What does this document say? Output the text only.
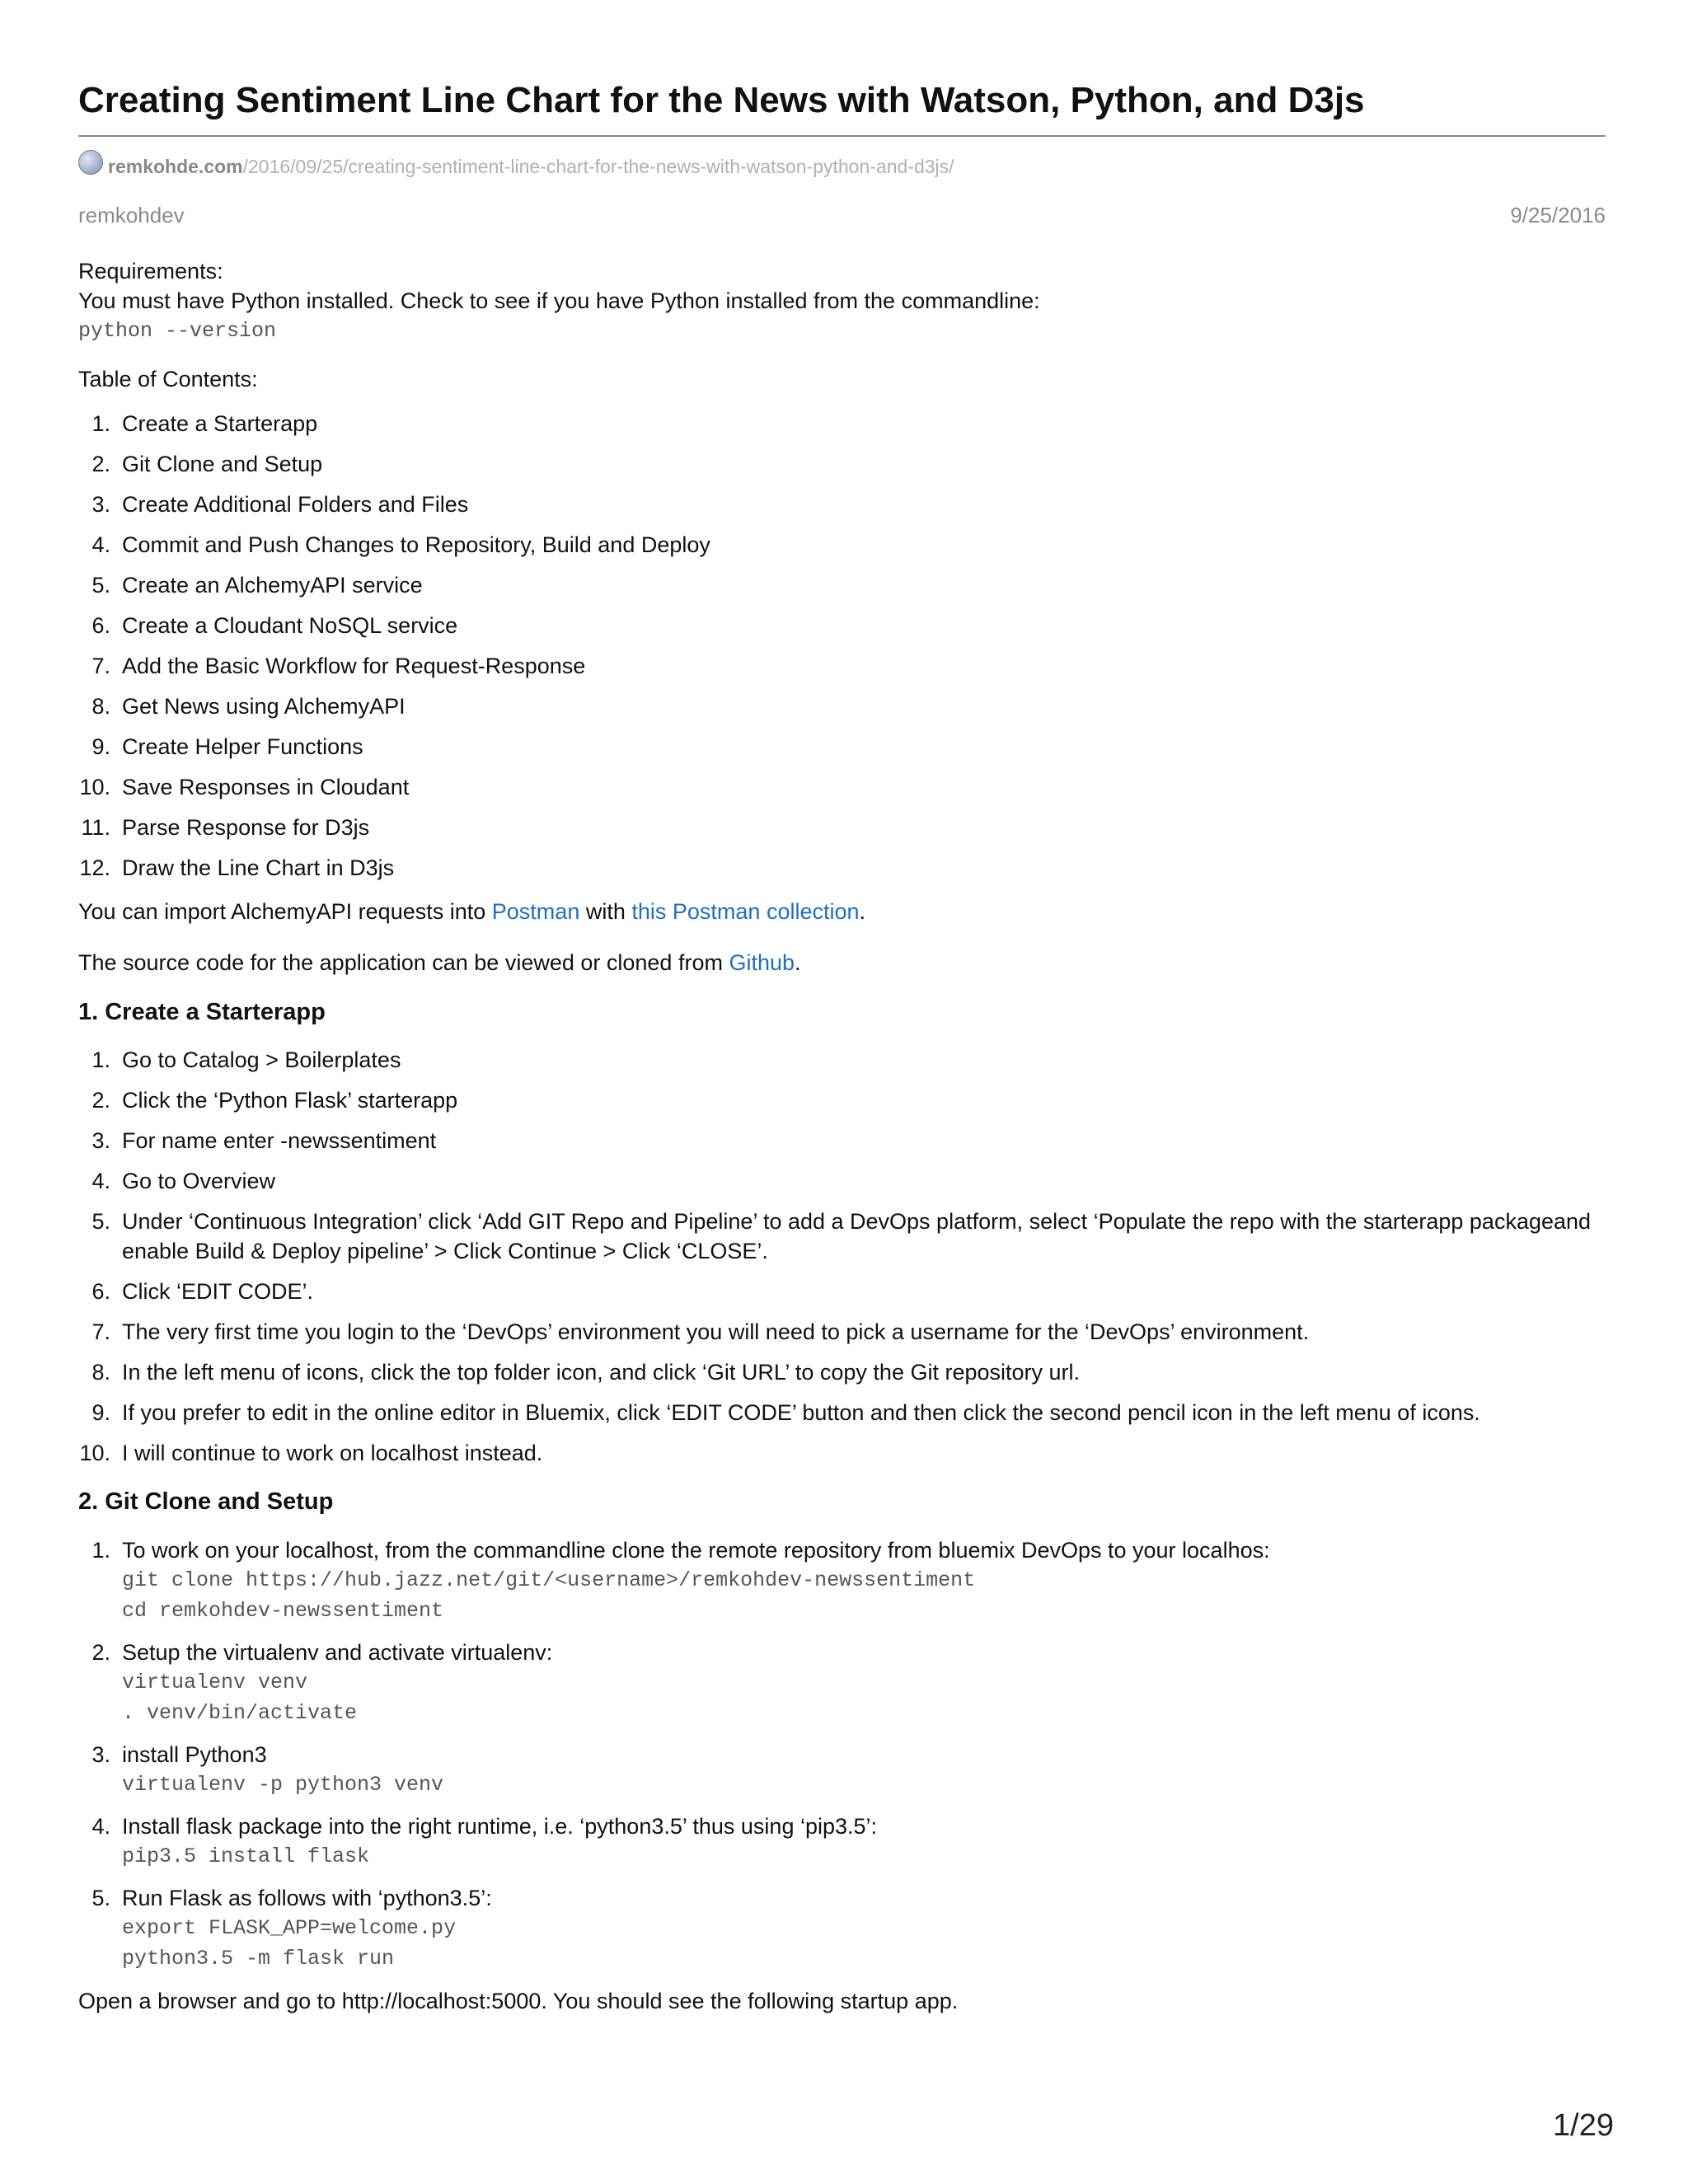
Creating Sentiment Line Chart for the News with Watson, Python, and D3js
remkohde.com/2016/09/25/creating-sentiment-line-chart-for-the-news-with-watson-python-and-d3js/
remkohdev	9/25/2016

Requirements:

You must have Python installed. Check to see if you have Python installed from the commandline:

python --version

Table of Contents:

1. Create a Starterapp
2. Git Clone and Setup
3. Create Additional Folders and Files
4. Commit and Push Changes to Repository, Build and Deploy
5. Create an AlchemyAPI service
6. Create a Cloudant NoSQL service
7. Add the Basic Workflow for Request-Response
8. Get News using AlchemyAPI
9. Create Helper Functions
10. Save Responses in Cloudant
11. Parse Response for D3js
12. Draw the Line Chart in D3js

You can import AlchemyAPI requests into Postman with this Postman collection.

The source code for the application can be viewed or cloned from Github.

1. Create a Starterapp
1. Go to Catalog > Boilerplates
2. Click the ‘Python Flask’ starterapp
3. For name enter -newssentiment
4. Go to Overview
5. Under ‘Continuous Integration’ click ‘Add GIT Repo and Pipeline’ to add a DevOps platform, select ‘Populate the repo with the starterapp packageand enable Build & Deploy pipeline’ > Click Continue > Click ‘CLOSE’.
6. Click ‘EDIT CODE’.
7. The very first time you login to the ‘DevOps’ environment you will need to pick a username for the ‘DevOps’ environment.
8. In the left menu of icons, click the top folder icon, and click ‘Git URL’ to copy the Git repository url.
9. If you prefer to edit in the online editor in Bluemix, click ‘EDIT CODE’ button and then click the second pencil icon in the left menu of icons.
10. I will continue to work on localhost instead.
2. Git Clone and Setup
1. To work on your localhost, from the commandline clone the remote repository from bluemix DevOps to your localhos:
git clone https://hub.jazz.net/git/<username>/remkohdev-newssentiment
cd remkohdev-newssentiment
2. Setup the virtualenv and activate virtualenv:
virtualenv venv
. venv/bin/activate
3. install Python3
virtualenv -p python3 venv
4. Install flask package into the right runtime, i.e. ‘python3.5’ thus using ‘pip3.5’:
pip3.5 install flask
5. Run Flask as follows with ‘python3.5’:
export FLASK_APP=welcome.py
python3.5 -m flask run

Open a browser and go to http://localhost:5000. You should see the following startup app.

1/29
